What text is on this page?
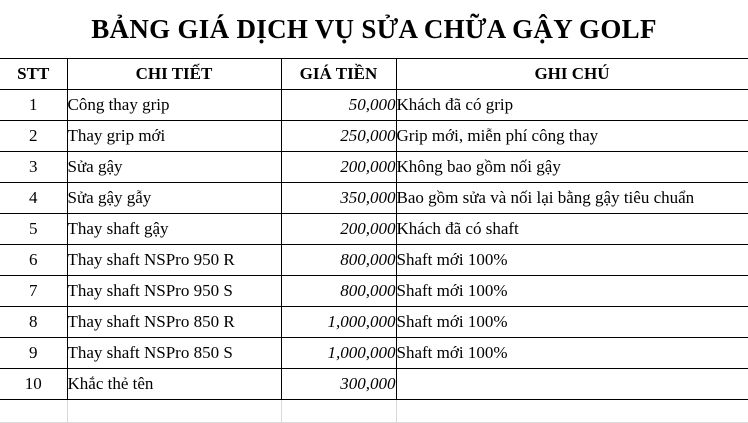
BẢNG GIÁ DỊCH VỤ SỬA CHỮA GẬY GOLF
STT	CHI TIẾT	GIÁ TIỀN	GHI CHÚ
1	Công thay grip	50,000	Khách đã có grip
2	Thay grip mới	250,000	Grip mới, miễn phí công thay
3	Sửa gậy	200,000	Không bao gồm nối gậy
4	Sửa gậy gẫy	350,000	Bao gồm sửa và nối lại bằng gậy tiêu chuẩn
5	Thay shaft gậy	200,000	Khách đã có shaft
6	Thay shaft NSPro 950 R	800,000	Shaft mới 100%
7	Thay shaft NSPro 950 S	800,000	Shaft mới 100%
8	Thay shaft NSPro 850 R	1,000,000	Shaft mới 100%
9	Thay shaft NSPro 850 S	1,000,000	Shaft mới 100%
10	Khắc thẻ tên	300,000	
